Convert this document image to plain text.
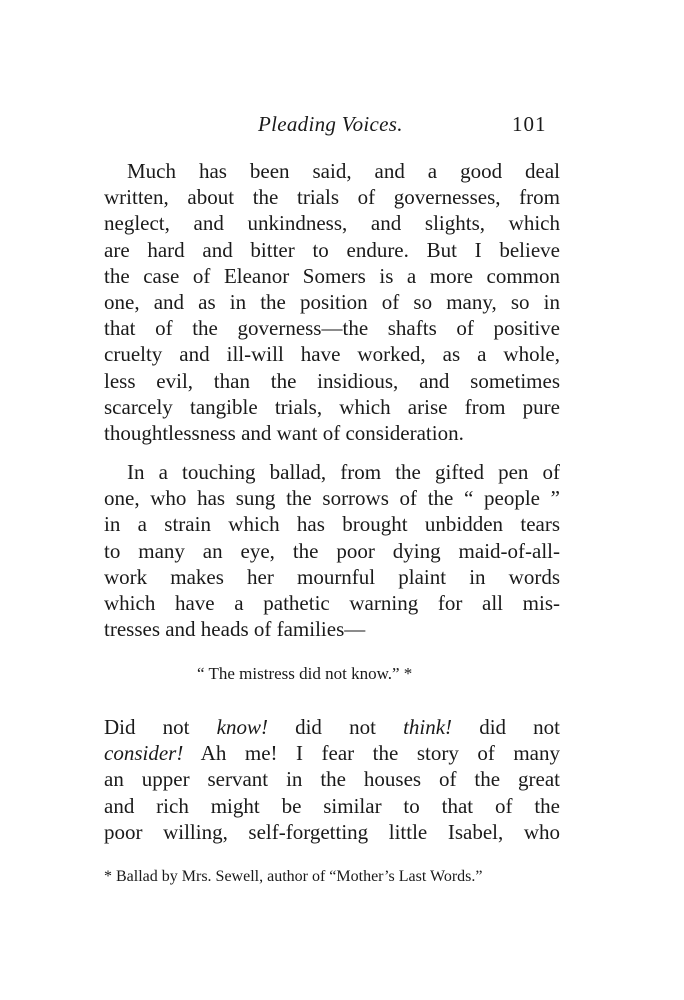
Pleading Voices.	101
Much has been said, and a good deal
written, about the trials of governesses, from
neglect, and unkindness, and slights, which
are hard and bitter to endure. But I believe
the case of Eleanor Somers is a more common
one, and as in the position of so many, so in
that of the governess—the shafts of positive
cruelty and ill-will have worked, as a whole,
less evil, than the insidious, and sometimes
scarcely tangible trials, which arise from pure
thoughtlessness and want of consideration.
In a touching ballad, from the gifted pen of
one, who has sung the sorrows of the “ people ”
in a strain which has brought unbidden tears
to many an eye, the poor dying maid-of-all-
work makes her mournful plaint in words
which have a pathetic warning for all mis-
tresses and heads of families—
“ The mistress did not know.” *
Did not know! did not think! did not
consider! Ah me! I fear the story of many
an upper servant in the houses of the great
and rich might be similar to that of the
poor willing, self-forgetting little Isabel, who
* Ballad by Mrs. Sewell, author of “Mother’s Last Words.”
